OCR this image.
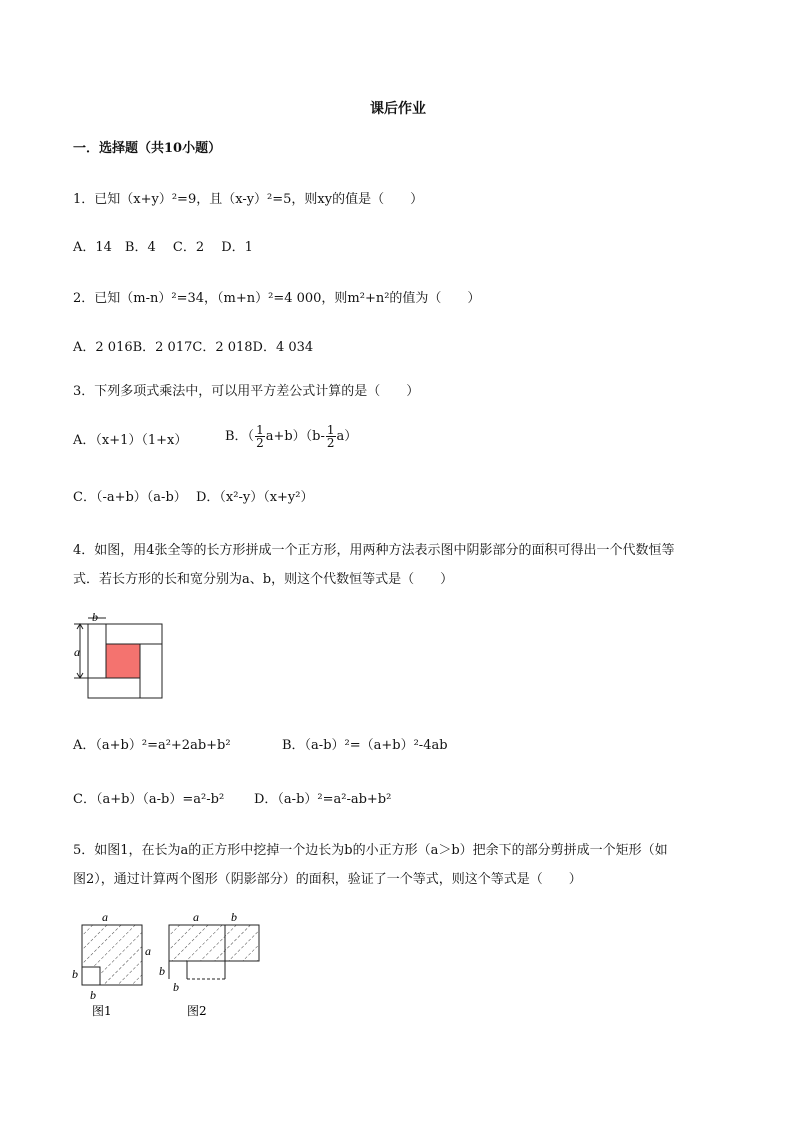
课后作业
一．选择题（共10小题）
1．已知（x+y）²=9，且（x-y）²=5，则xy的值是（　　）
A．14　B．4　 C．2　 D．1
2．已知（m-n）²=34，（m+n）²=4 000，则m²+n²的值为（　　）
A．2 016B．2 017C．2 018D．4 034
3．下列多项式乘法中，可以用平方差公式计算的是（　　）
A．（x+1）（1+x）	B．（ $\frac{1}{2} a+b)(b- \frac{1}{2} a)$
C．（-a+b）（a-b） D．（x²-y）（x+y²）
4．如图，用4张全等的长方形拼成一个正方形，用两种方法表示图中阴影部分的面积可得出一个代数恒等
式．若长方形的长和宽分别为a、b，则这个代数恒等式是（　　）
a
b
A．（a+b）²=a²+2ab+b²	B．（a-b）²=（a+b）²-4ab
C．（a+b）（a-b）=a²-b² D．（a-b）²=a²-ab+b²
5．如图1，在长为a的正方形中挖掉一个边长为b的小正方形（a＞b）把余下的部分剪拼成一个矩形（如
图2），通过计算两个图形（阴影部分）的面积，验证了一个等式，则这个等式是（　　）
a
a
b
b
图1
a	b
b
b
图2
